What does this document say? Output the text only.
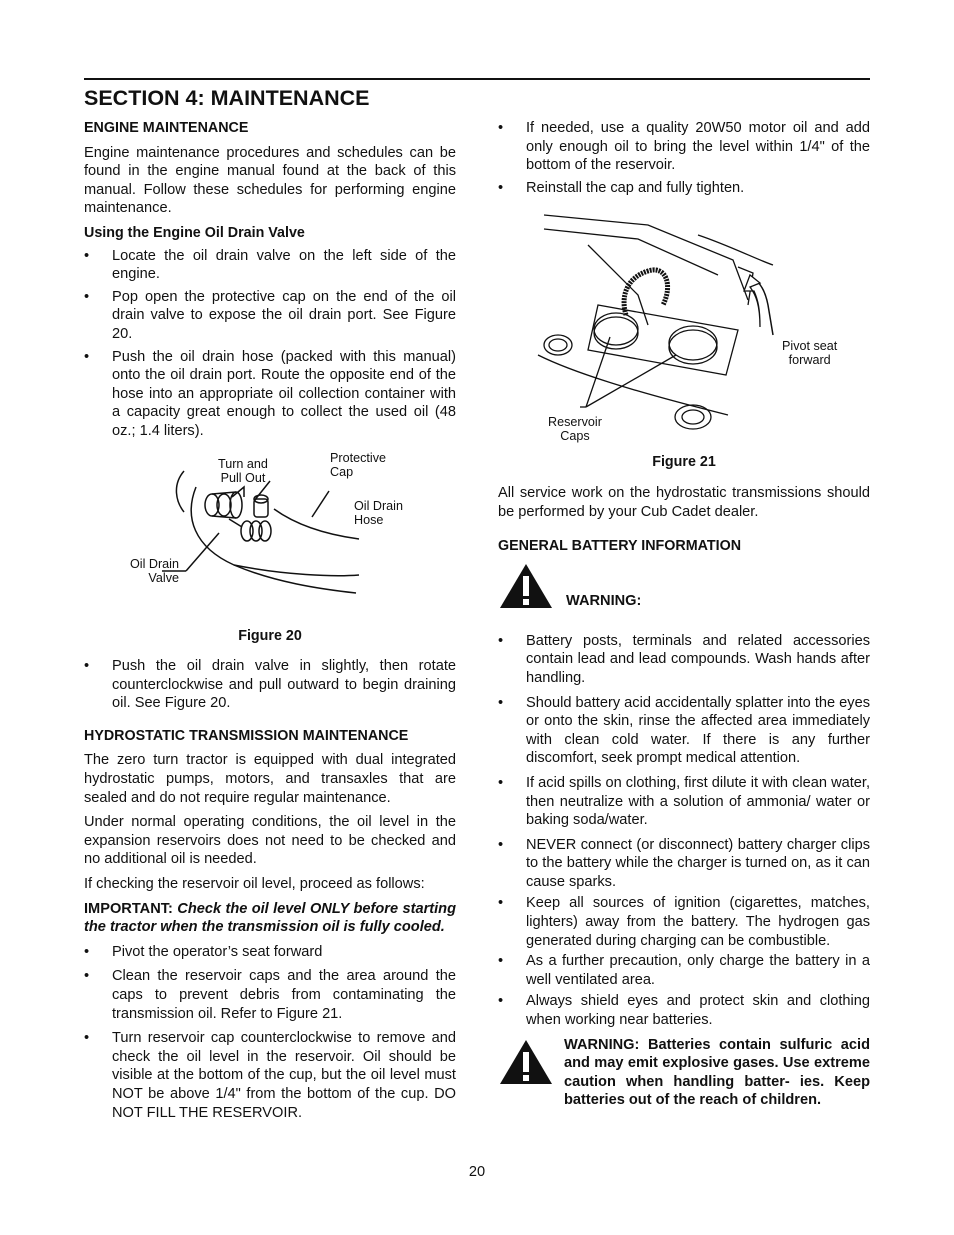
SECTION 4: MAINTENANCE
ENGINE MAINTENANCE

Engine maintenance procedures and schedules can be found in the engine manual found at the back of this manual. Follow these schedules for performing engine maintenance.

Using the Engine Oil Drain Valve
• Locate the oil drain valve on the left side of the engine.
• Pop open the protective cap on the end of the oil drain valve to expose the oil drain port. See Figure 20.
• Push the oil drain hose (packed with this manual) onto the oil drain port. Route the opposite end of the hose into an appropriate oil collection container with a capacity great enough to collect the used oil (48 oz.; 1.4 liters).
Turn and
Pull Out
Protective
Cap
Oil Drain
Hose
Oil Drain
Valve
Figure 20
• Push the oil drain valve in slightly, then rotate counterclockwise and pull outward to begin draining oil. See Figure 20.
HYDROSTATIC TRANSMISSION MAINTENANCE

The zero turn tractor is equipped with dual integrated hydrostatic pumps, motors, and transaxles that are sealed and do not require regular maintenance.

Under normal operating conditions, the oil level in the expansion reservoirs does not need to be checked and no additional oil is needed.

If checking the reservoir oil level, proceed as follows:

IMPORTANT: Check the oil level ONLY before starting the tractor when the transmission oil is fully cooled.

• Pivot the operator’s seat forward
• Clean the reservoir caps and the area around the caps to prevent debris from contaminating the transmission oil. Refer to Figure 21.
• Turn reservoir cap counterclockwise to remove and check the oil level in the reservoir. Oil should be visible at the bottom of the cup, but the oil level must NOT be above 1/4" from the bottom of the cup. DO NOT FILL THE RESERVOIR.
• If needed, use a quality 20W50 motor oil and add only enough oil to bring the level within 1/4" of the bottom of the reservoir.
• Reinstall the cap and fully tighten.
Pivot seat
forward
Reservoir
Caps
Figure 21

All service work on the hydrostatic transmissions should be performed by your Cub Cadet dealer.

GENERAL BATTERY INFORMATION
WARNING:
• Battery posts, terminals and related accessories contain lead and lead compounds. Wash hands after handling.
• Should battery acid accidentally splatter into the eyes or onto the skin, rinse the affected area immediately with clean cold water. If there is any further discomfort, seek prompt medical attention.
• If acid spills on clothing, first dilute it with clean water, then neutralize with a solution of ammonia/ water or baking soda/water.
• NEVER connect (or disconnect) battery charger clips to the battery while the charger is turned on, as it can cause sparks.
• Keep all sources of ignition (cigarettes, matches, lighters) away from the battery. The hydrogen gas generated during charging can be combustible.
• As a further precaution, only charge the battery in a well ventilated area.
• Always shield eyes and protect skin and clothing when working near batteries.
WARNING: Batteries contain sulfuric acid and may emit explosive gases. Use extreme caution when handling batter- ies. Keep batteries out of the reach of children.
20
